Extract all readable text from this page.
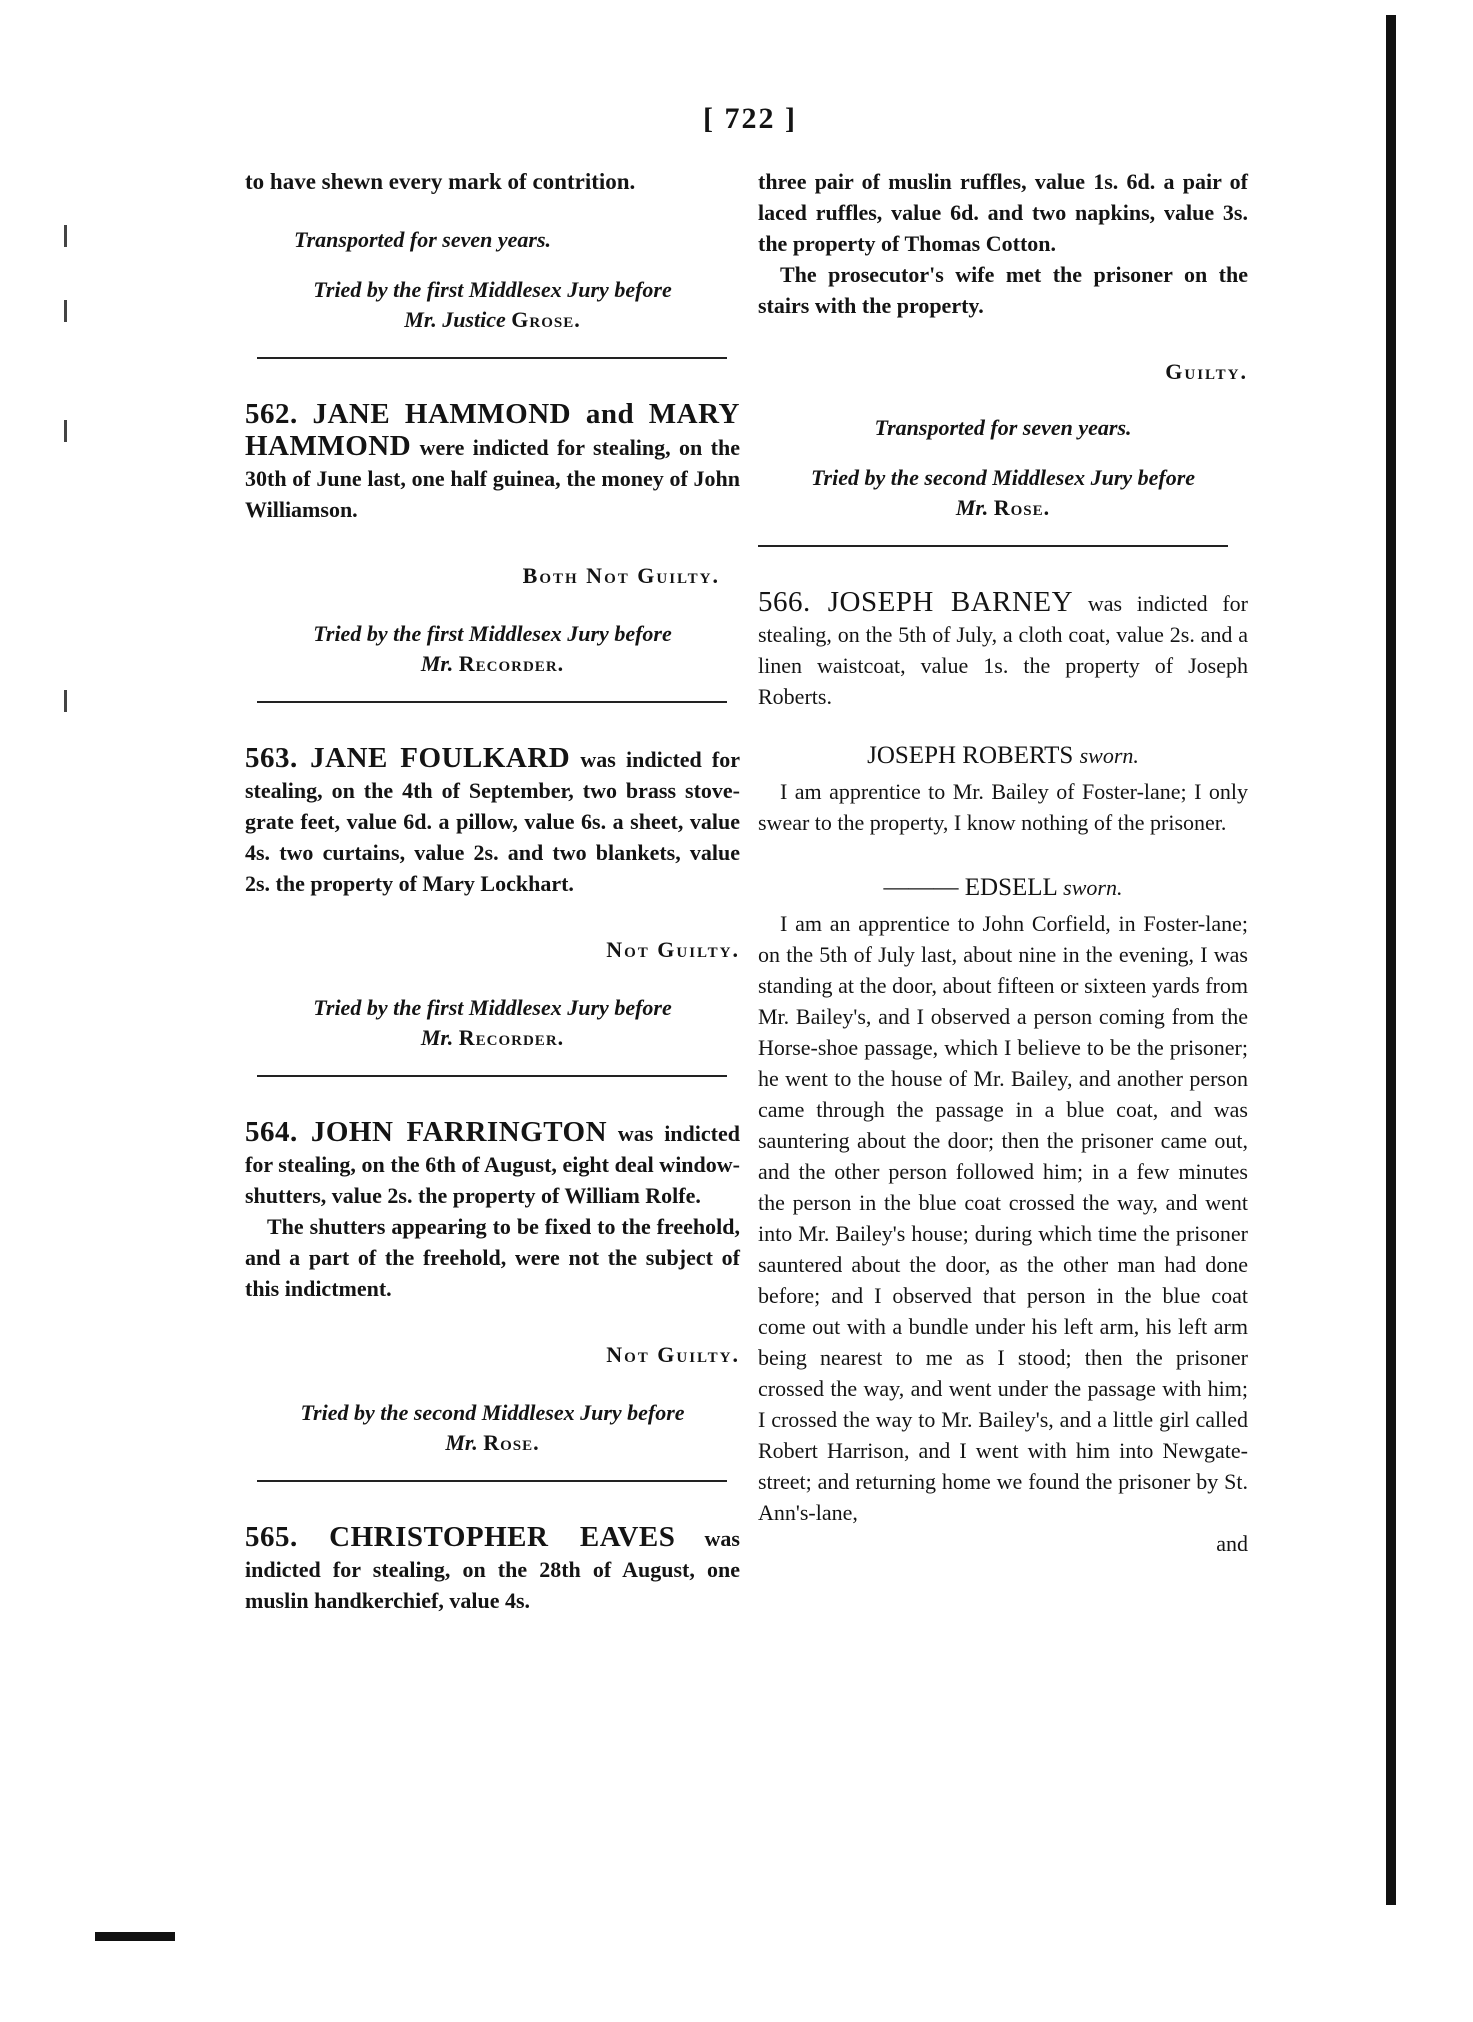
[ 722 ]

to have shewn every mark of contrition.

Transported for seven years.
Tried by the first Middlesex Jury before
Mr. Justice Grose.

562. JANE HAMMOND and MARY HAMMOND were indicted for stealing, on the 30th of June last, one half guinea, the money of John Williamson.

Both Not Guilty.
Tried by the first Middlesex Jury before
Mr. Recorder.

563. JANE FOULKARD was indicted for stealing, on the 4th of September, two brass stove-grate feet, value 6d. a pillow, value 6s. a sheet, value 4s. two curtains, value 2s. and two blankets, value 2s. the property of Mary Lockhart.

Not Guilty.
Tried by the first Middlesex Jury before
Mr. Recorder.

564. JOHN FARRINGTON was indicted for stealing, on the 6th of August, eight deal window-shutters, value 2s. the property of William Rolfe.

The shutters appearing to be fixed to the freehold, and a part of the freehold, were not the subject of this indictment.

Not Guilty.
Tried by the second Middlesex Jury before
Mr. Rose.

565. CHRISTOPHER EAVES was indicted for stealing, on the 28th of August, one muslin handkerchief, value 4s.

three pair of muslin ruffles, value 1s. 6d. a pair of laced ruffles, value 6d. and two napkins, value 3s. the property of Thomas Cotton.

The prosecutor's wife met the prisoner on the stairs with the property.

Guilty.
Transported for seven years.
Tried by the second Middlesex Jury before
Mr. Rose.

566. JOSEPH BARNEY was indicted for stealing, on the 5th of July, a cloth coat, value 2s. and a linen waistcoat, value 1s. the property of Joseph Roberts.

JOSEPH ROBERTS sworn.

I am apprentice to Mr. Bailey of Foster-lane; I only swear to the property, I know nothing of the prisoner.

——— EDSELL sworn.

I am an apprentice to John Corfield, in Foster-lane; on the 5th of July last, about nine in the evening, I was standing at the door, about fifteen or sixteen yards from Mr. Bailey's, and I observed a person coming from the Horse-shoe passage, which I believe to be the prisoner; he went to the house of Mr. Bailey, and another person came through the passage in a blue coat, and was sauntering about the door; then the prisoner came out, and the other person followed him; in a few minutes the person in the blue coat crossed the way, and went into Mr. Bailey's house; during which time the prisoner sauntered about the door, as the other man had done before; and I observed that person in the blue coat come out with a bundle under his left arm, his left arm being nearest to me as I stood; then the prisoner crossed the way, and went under the passage with him; I crossed the way to Mr. Bailey's, and a little girl called Robert Harrison, and I went with him into Newgate-street; and returning home we found the prisoner by St. Ann's-lane,

and
